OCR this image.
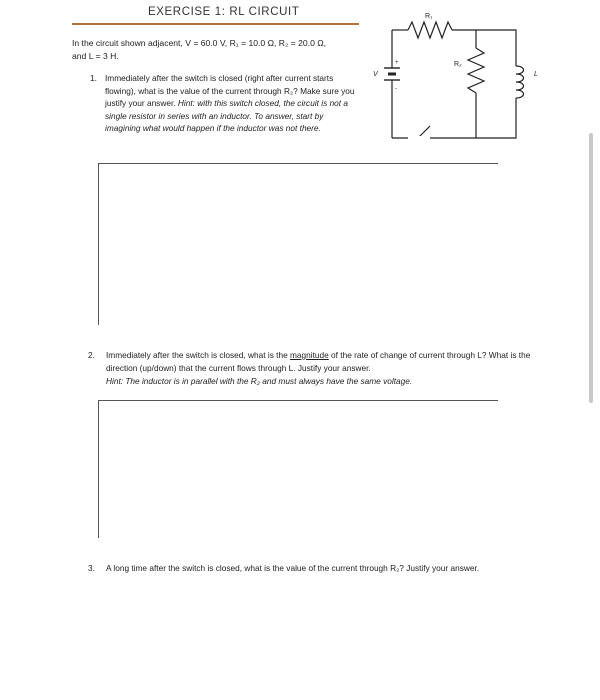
EXERCISE 1: RL CIRCUIT
In the circuit shown adjacent, V = 60.0 V, R₁ = 10.0 Ω, R₂ = 20.0 Ω,
and L = 3 H.
1. Immediately after the switch is closed (right after current starts flowing), what is the value of the current through R₂? Make sure you justify your answer. Hint: with this switch closed, the circuit is not a single resistor in series with an inductor. To answer, start by imagining what would happen if the inductor was not there.
R₁
R₂
V	L
+
-
2. Immediately after the switch is closed, what is the magnitude of the rate of change of current through L? What is the direction (up/down) that the current flows through L. Justify your answer.
Hint: The inductor is in parallel with the R₂ and must always have the same voltage.
3. A long time after the switch is closed, what is the value of the current through R₂? Justify your answer.
